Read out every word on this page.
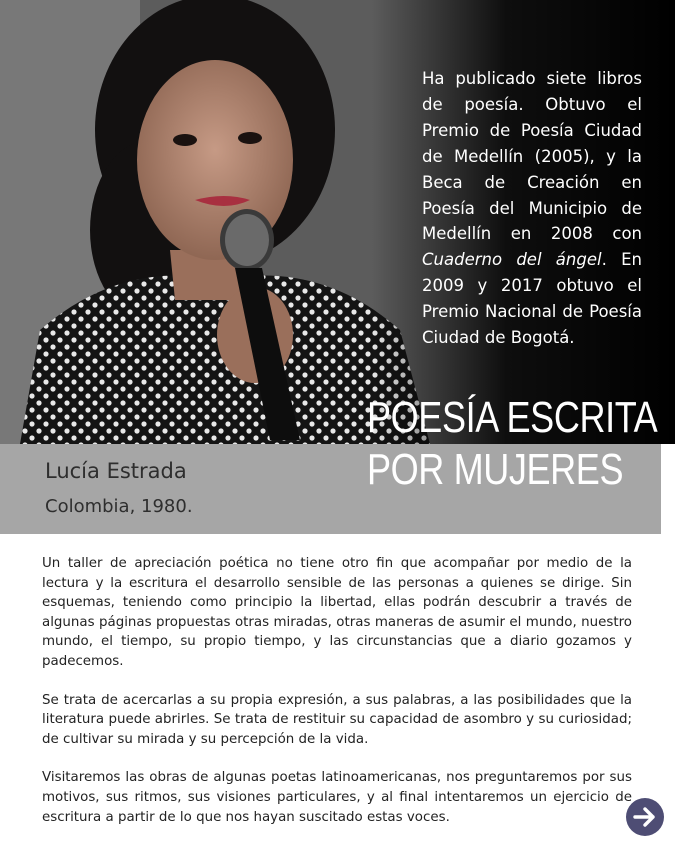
Ha publicado siete libros de poesía. Obtuvo el Premio de Poesía Ciudad de Medellín (2005), y la Beca de Creación en Poesía del Municipio de Medellín en 2008 con Cuaderno del ángel. En 2009 y 2017 obtuvo el Premio Nacional de Poesía Ciudad de Bogotá.
Lucía Estrada
Colombia, 1980.
POESÍA ESCRITA
POR MUJERES

Un taller de apreciación poética no tiene otro fin que acompañar por medio de la lectura y la escritura el desarrollo sensible de las personas a quienes se dirige. Sin esquemas, teniendo como principio la libertad, ellas podrán descubrir a través de algunas páginas propuestas otras miradas, otras maneras de asumir el mundo, nuestro mundo, el tiempo, su propio tiempo, y las circunstancias que a diario gozamos y padecemos.

Se trata de acercarlas a su propia expresión, a sus palabras, a las posibilidades que la literatura puede abrirles. Se trata de restituir su capacidad de asombro y su curiosidad; de cultivar su mirada y su percepción de la vida.

Visitaremos las obras de algunas poetas latinoamericanas, nos preguntaremos por sus motivos, sus ritmos, sus visiones particulares, y al final intentaremos un ejercicio de escritura a partir de lo que nos hayan suscitado estas voces.
